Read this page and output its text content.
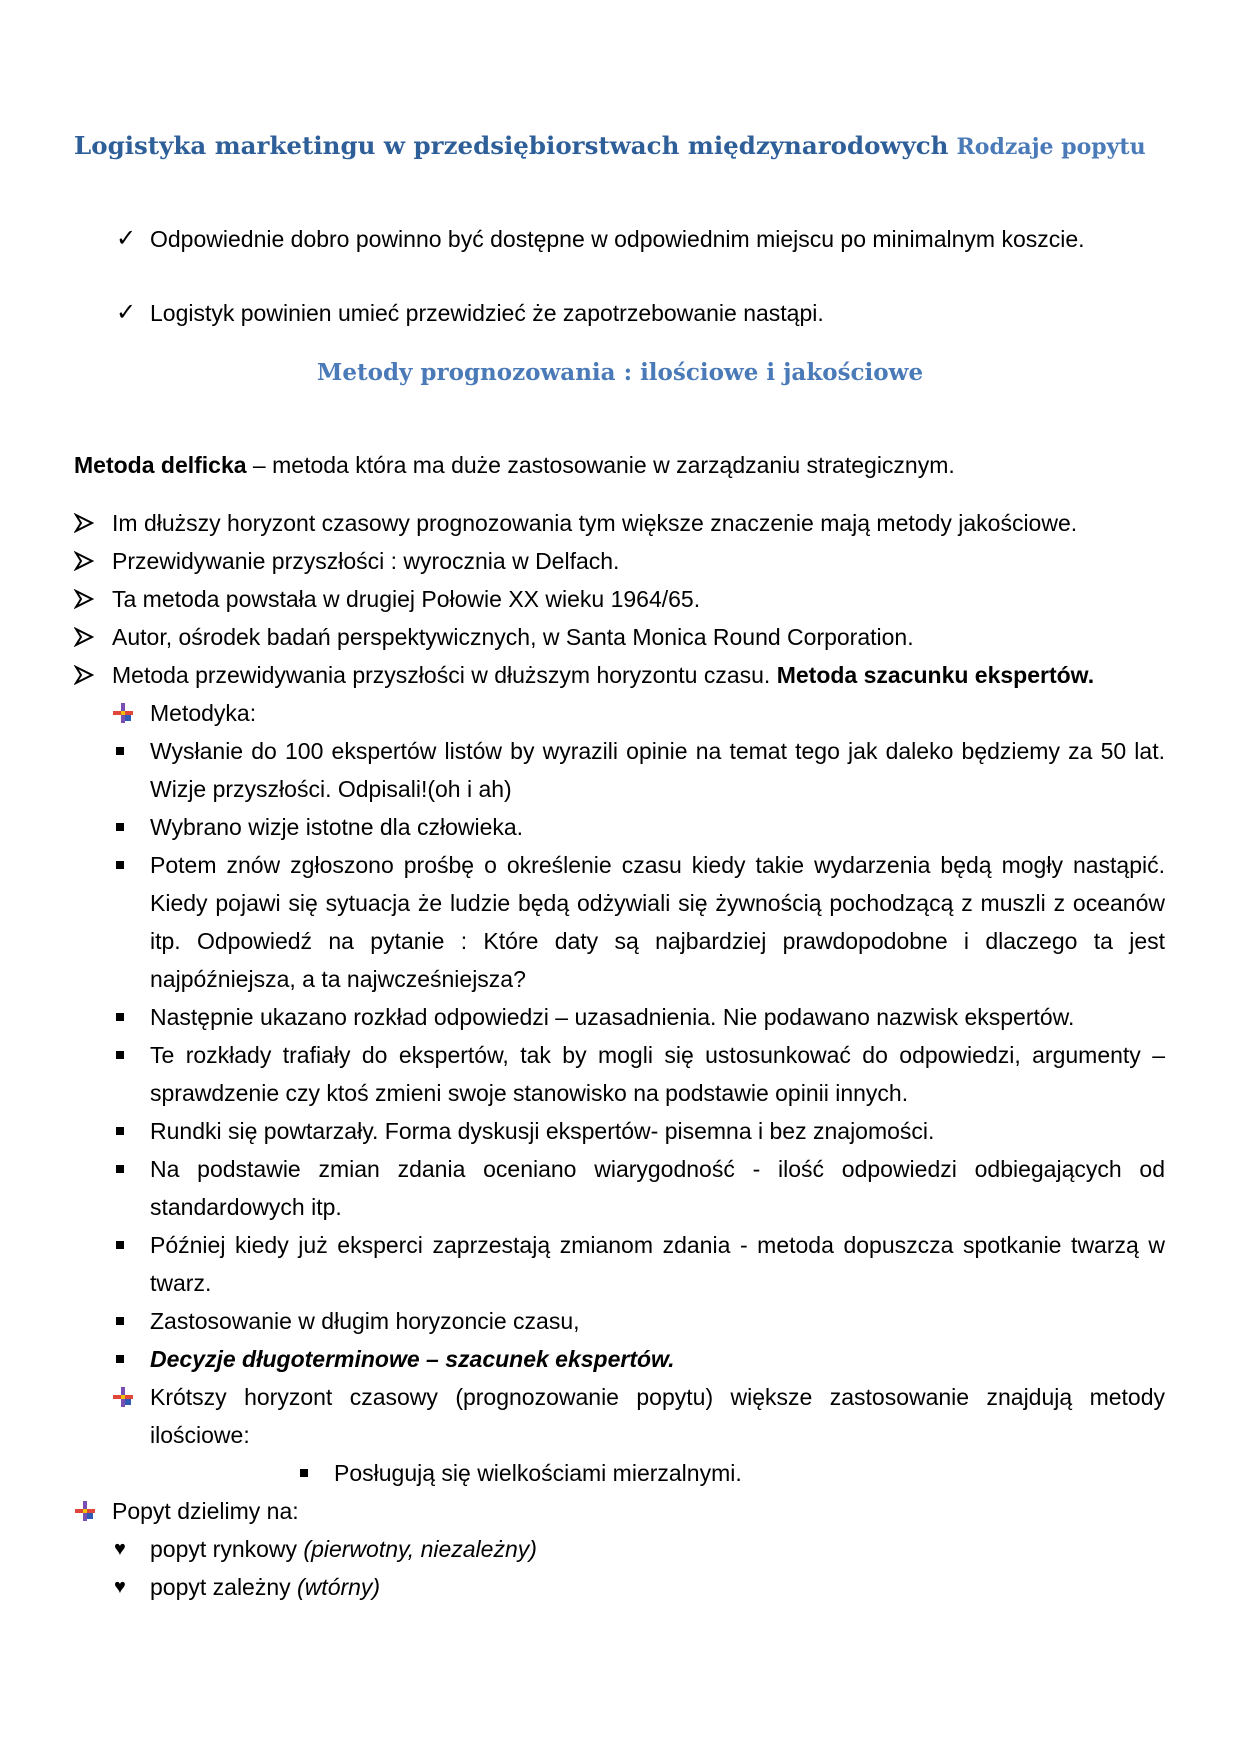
Logistyka marketingu w przedsiębiorstwach międzynarodowych Rodzaje popytu
✓ Odpowiednie dobro powinno być dostępne w odpowiednim miejscu po minimalnym koszcie.
✓ Logistyk powinien umieć przewidzieć że zapotrzebowanie nastąpi.
Metody prognozowania : ilościowe i jakościowe
Metoda delficka – metoda która ma duże zastosowanie w zarządzaniu strategicznym.
Im dłuższy horyzont czasowy prognozowania tym większe znaczenie mają metody jakościowe.
Przewidywanie przyszłości : wyrocznia w Delfach.
Ta metoda powstała w drugiej Połowie XX wieku 1964/65.
Autor, ośrodek badań perspektywicznych, w Santa Monica Round Corporation.
Metoda przewidywania przyszłości w dłuższym horyzontu czasu. Metoda szacunku ekspertów.
Metodyka:
Wysłanie do 100 ekspertów listów by wyrazili opinie na temat tego jak daleko będziemy za 50 lat. Wizje przyszłości. Odpisali!(oh i ah)
Wybrano wizje istotne dla człowieka.
Potem znów zgłoszono prośbę o określenie czasu kiedy takie wydarzenia będą mogły nastąpić. Kiedy pojawi się sytuacja że ludzie będą odżywiali się żywnością pochodzącą z muszli z oceanów itp. Odpowiedź na pytanie : Które daty są najbardziej prawdopodobne i dlaczego ta jest najpóźniejsza, a ta najwcześniejsza?
Następnie ukazano rozkład odpowiedzi – uzasadnienia. Nie podawano nazwisk ekspertów.
Te rozkłady trafiały do ekspertów, tak by mogli się ustosunkować do odpowiedzi, argumenty – sprawdzenie czy ktoś zmieni swoje stanowisko na podstawie opinii innych.
Rundki się powtarzały. Forma dyskusji ekspertów- pisemna i bez znajomości.
Na podstawie zmian zdania oceniano wiarygodność - ilość odpowiedzi odbiegających od standardowych itp.
Później kiedy już eksperci zaprzestają zmianom zdania - metoda dopuszcza spotkanie twarzą w twarz.
Zastosowanie w długim horyzoncie czasu,
Decyzje długoterminowe – szacunek ekspertów.
Krótszy horyzont czasowy (prognozowanie popytu) większe zastosowanie znajdują metody ilościowe:
Posługują się wielkościami mierzalnymi.
Popyt dzielimy na:
♥ popyt rynkowy (pierwotny, niezależny)
♥ popyt zależny (wtórny)
